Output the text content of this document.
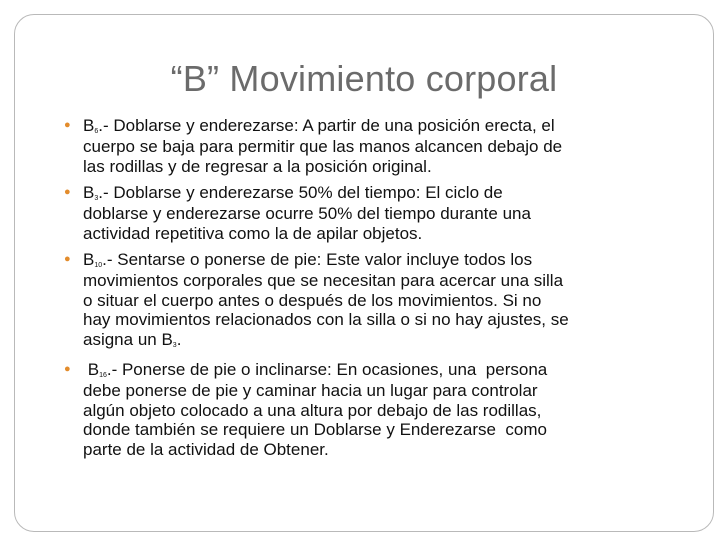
“B” Movimiento corporal
● $B_6.-$ Doblarse y enderezarse: A partir de una posición erecta, el
cuerpo se baja para permitir que las manos alcancen debajo de
las rodillas y de regresar a la posición original.
● $B_3.-$ Doblarse y enderezarse 50% del tiempo: El ciclo de
doblarse y enderezarse ocurre 50% del tiempo durante una
actividad repetitiva como la de apilar objetos.
● $B_{10}.-$ Sentarse o ponerse de pie: Este valor incluye todos los
movimientos corporales que se necesitan para acercar una silla
o situar el cuerpo antes o después de los movimientos. Si no
hay movimientos relacionados con la silla o si no hay ajustes, se
asigna un $B_3$.
● $B_{16}.-$ Ponerse de pie o inclinarse: En ocasiones, una  persona
debe ponerse de pie y caminar hacia un lugar para controlar
algún objeto colocado a una altura por debajo de las rodillas,
donde también se requiere un Doblarse y Enderezarse  como
parte de la actividad de Obtener.
